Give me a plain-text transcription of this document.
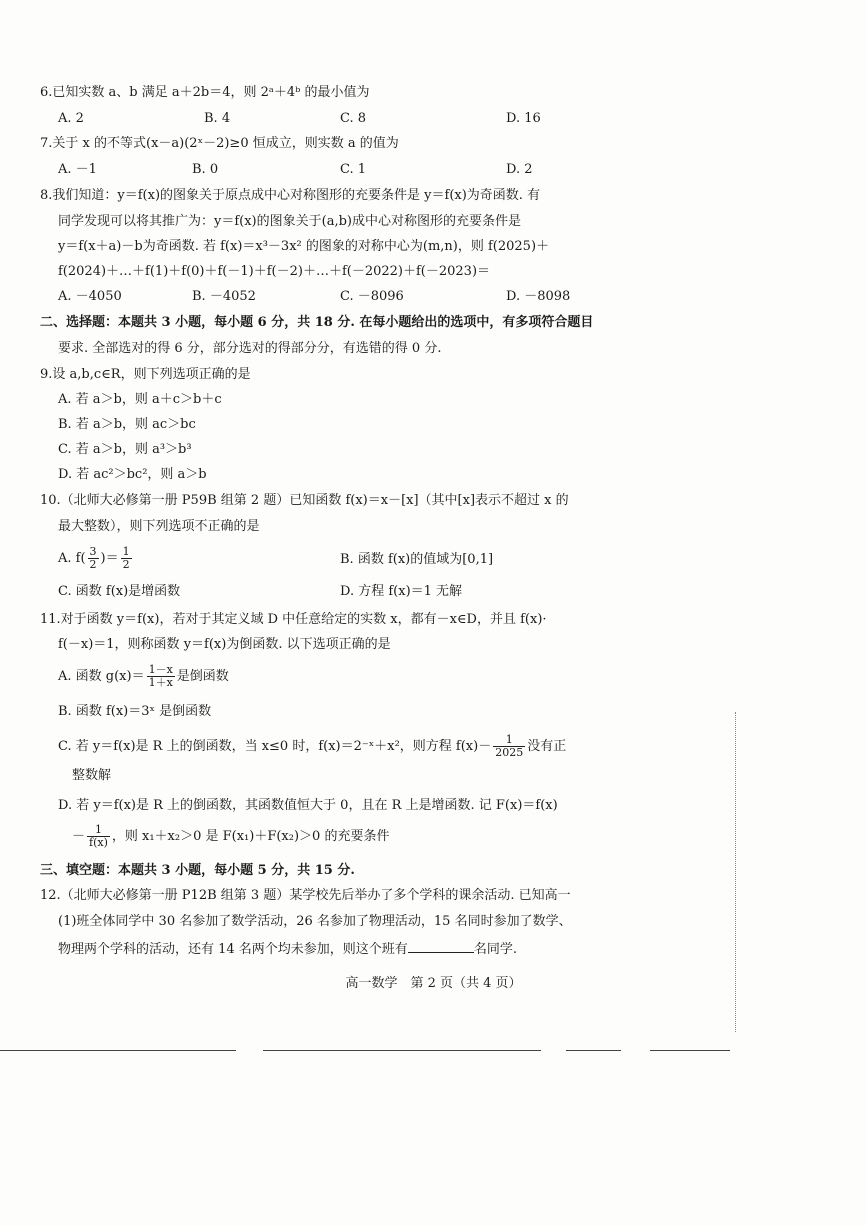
6.已知实数 a、b 满足 a＋2b＝4，则 2ᵃ＋4ᵇ 的最小值为
A. 2	B. 4	C. 8	D. 16
7.关于 x 的不等式(x－a)(2ˣ－2)≥0 恒成立，则实数 a 的值为
A. －1	B. 0	C. 1	D. 2
8.我们知道：y＝f(x)的图象关于原点成中心对称图形的充要条件是 y＝f(x)为奇函数. 有
同学发现可以将其推广为：y＝f(x)的图象关于(a,b)成中心对称图形的充要条件是
y＝f(x＋a)－b为奇函数. 若 f(x)＝x³－3x² 的图象的对称中心为(m,n)，则 f(2025)＋
f(2024)＋…＋f(1)＋f(0)＋f(－1)＋f(－2)＋…＋f(－2022)＋f(－2023)＝
A. －4050	B. －4052	C. －8096	D. －8098
二、选择题：本题共 3 小题，每小题 6 分，共 18 分. 在每小题给出的选项中，有多项符合题目
要求. 全部选对的得 6 分，部分选对的得部分分，有选错的得 0 分.
9.设 a,b,c∈R，则下列选项正确的是
A. 若 a＞b，则 a＋c＞b＋c
B. 若 a＞b，则 ac＞bc
C. 若 a＞b，则 a³＞b³
D. 若 ac²＞bc²，则 a＞b
10.（北师大必修第一册 P59B 组第 2 题）已知函数 f(x)＝x－[x]（其中[x]表示不超过 x 的
最大整数），则下列选项不正确的是
A. $f( \frac{3}{2}$ )＝ $\frac{1}{2}$	B. 函数 f(x)的值域为[0,1]
C. 函数 f(x)是增函数	D. 方程 f(x)＝1 无解
11.对于函数 y＝f(x)，若对于其定义域 D 中任意给定的实数 x，都有－x∈D，并且 f(x)·
f(－x)＝1，则称函数 y＝f(x)为倒函数. 以下选项正确的是
A. 函数 $g(x)= \frac{1-x}{1+x}$ 是倒函数
B. 函数 f(x)＝3ˣ 是倒函数
C. 若 y＝f(x)是 R 上的倒函数，当 x≤0 时，f(x)＝2⁻ˣ＋x²，则方程 $f(x)- \frac{1}{2025}$ 没有正
整数解
D. 若 y＝f(x)是 R 上的倒函数，其函数值恒大于 0，且在 R 上是增函数. 记 F(x)＝f(x)
－ $\frac{1}{f(x)}$ ，则 x₁＋x₂＞0 是 F(x₁)＋F(x₂)＞0 的充要条件
三、填空题：本题共 3 小题，每小题 5 分，共 15 分.
12.（北师大必修第一册 P12B 组第 3 题）某学校先后举办了多个学科的课余活动. 已知高一
(1)班全体同学中 30 名参加了数学活动，26 名参加了物理活动，15 名同时参加了数学、
物理两个学科的活动，还有 14 名两个均未参加，则这个班有	名同学.
高一数学　第 2 页（共 4 页）
